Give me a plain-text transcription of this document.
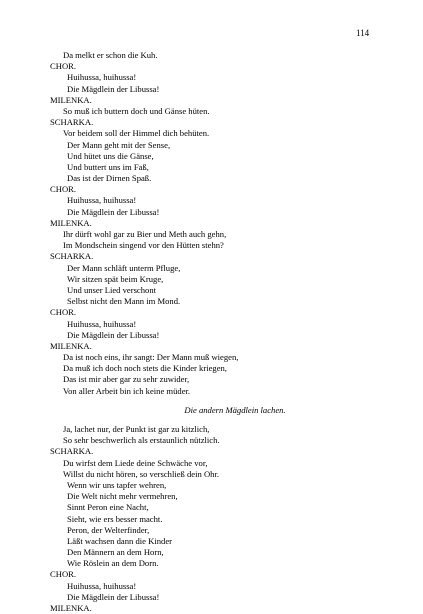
114
Da melkt er schon die Kuh.
CHOR.
Huihussa, huihussa!
Die Mägdlein der Libussa!
MILENKA.
So muß ich buttern doch und Gänse hüten.
SCHARKA.
Vor beidem soll der Himmel dich behüten.
Der Mann geht mit der Sense,
Und hütet uns die Gänse,
Und buttert uns im Faß,
Das ist der Dirnen Spaß.
CHOR.
Huihussa, huihussa!
Die Mägdlein der Libussa!
MILENKA.
Ihr dürft wohl gar zu Bier und Meth auch gehn,
Im Mondschein singend vor den Hütten stehn?
SCHARKA.
Der Mann schläft unterm Pfluge,
Wir sitzen spät beim Kruge,
Und unser Lied verschont
Selbst nicht den Mann im Mond.
CHOR.
Huihussa, huihussa!
Die Mägdlein der Libussa!
MILENKA.
Da ist noch eins, ihr sangt: Der Mann muß wiegen,
Da muß ich doch noch stets die Kinder kriegen,
Das ist mir aber gar zu sehr zuwider,
Von aller Arbeit bin ich keine müder.
Die andern Mägdlein lachen.
Ja, lachet nur, der Punkt ist gar zu kitzlich,
So sehr beschwerlich als erstaunlich nützlich.
SCHARKA.
Du wirfst dem Liede deine Schwäche vor,
Willst du nicht hören, so verschließ dein Ohr.
Wenn wir uns tapfer wehren,
Die Welt nicht mehr vermehren,
Sinnt Peron eine Nacht,
Sieht, wie ers besser macht.
Peron, der Welterfinder,
Läßt wachsen dann die Kinder
Den Männern an dem Horn,
Wie Röslein an dem Dorn.
CHOR.
Huihussa, huihussa!
Die Mägdlein der Libussa!
MILENKA.
